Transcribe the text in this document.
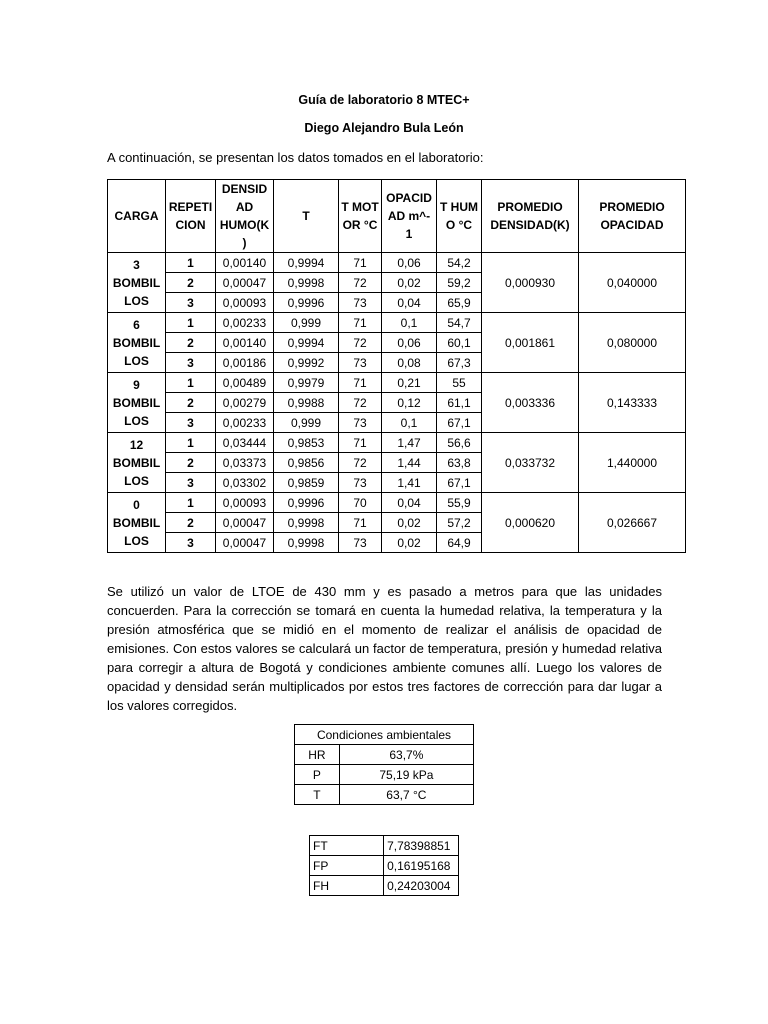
Guía de laboratorio 8 MTEC+
Diego Alejandro Bula León
A continuación, se presentan los datos tomados en el laboratorio:
CARGA	REPETI CION	DENSID AD HUMO(K )	T	T MOT OR °C	OPACID AD m^- 1	T HUM O °C	PROMEDIO DENSIDAD(K)	PROMEDIO OPACIDAD
3 BOMBIL LOS	1	0,00140	0,9994	71	0,06	54,2	0,000930	0,040000
	2	0,00047	0,9998	72	0,02	59,2		
	3	0,00093	0,9996	73	0,04	65,9		
6 BOMBIL LOS	1	0,00233	0,999	71	0,1	54,7	0,001861	0,080000
	2	0,00140	0,9994	72	0,06	60,1		
	3	0,00186	0,9992	73	0,08	67,3		
9 BOMBIL LOS	1	0,00489	0,9979	71	0,21	55	0,003336	0,143333
	2	0,00279	0,9988	72	0,12	61,1		
	3	0,00233	0,999	73	0,1	67,1		
12 BOMBIL LOS	1	0,03444	0,9853	71	1,47	56,6	0,033732	1,440000
	2	0,03373	0,9856	72	1,44	63,8		
	3	0,03302	0,9859	73	1,41	67,1		
0 BOMBIL LOS	1	0,00093	0,9996	70	0,04	55,9	0,000620	0,026667
	2	0,00047	0,9998	71	0,02	57,2		
	3	0,00047	0,9998	73	0,02	64,9		
Se utilizó un valor de LTOE de 430 mm y es pasado a metros para que las unidades concuerden. Para la corrección se tomará en cuenta la humedad relativa, la temperatura y la presión atmosférica que se midió en el momento de realizar el análisis de opacidad de emisiones. Con estos valores se calculará un factor de temperatura, presión y humedad relativa para corregir a altura de Bogotá y condiciones ambiente comunes allí. Luego los valores de opacidad y densidad serán multiplicados por estos tres factores de corrección para dar lugar a los valores corregidos.
Condiciones ambientales	
HR	63,7%
P	75,19 kPa
T	63,7 °C
FT	7,78398851
FP	0,16195168
FH	0,24203004
